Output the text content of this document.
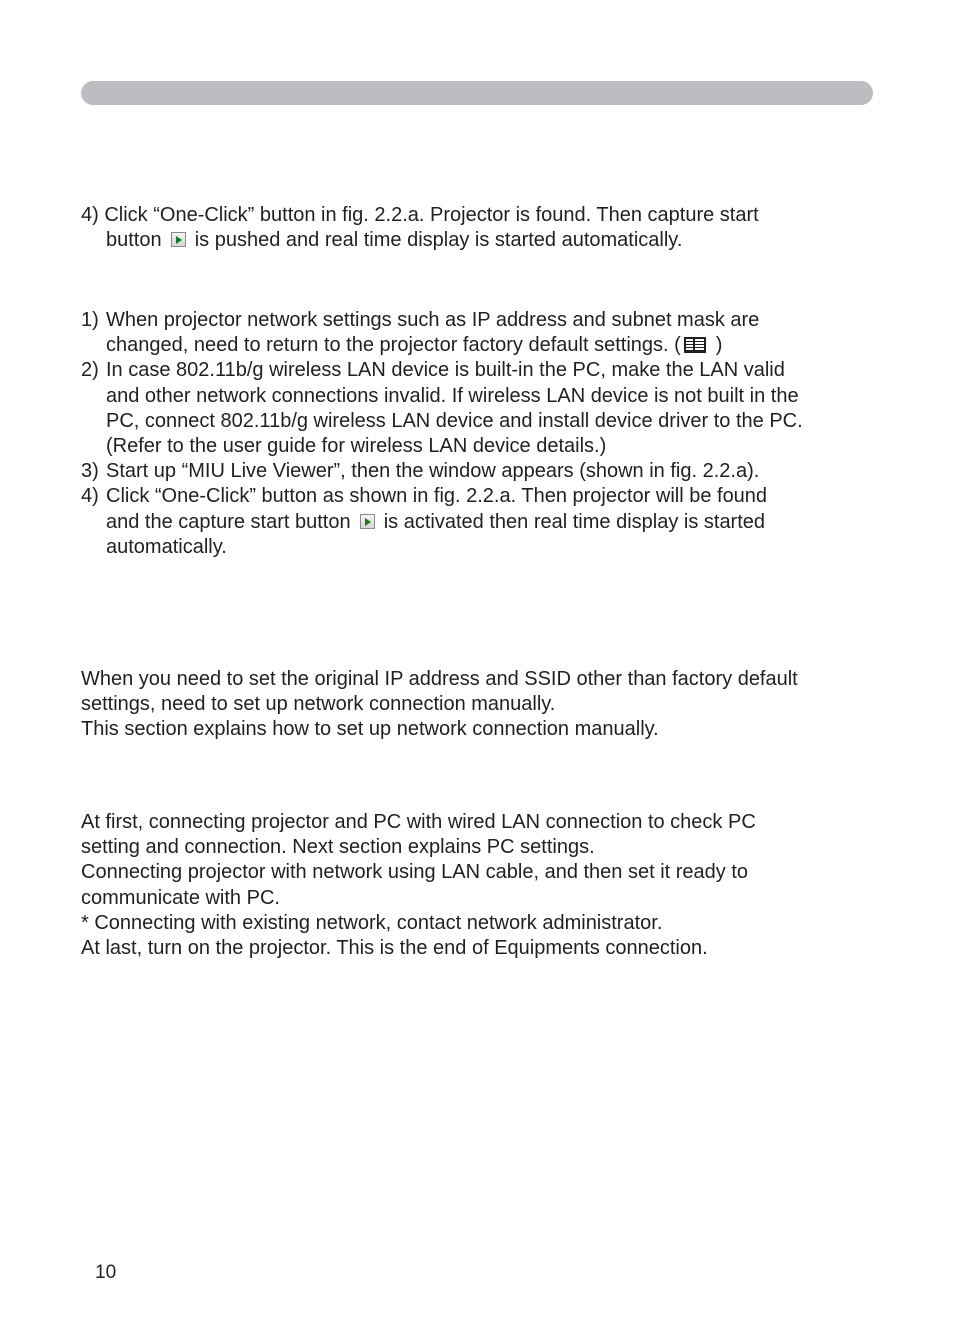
4) Click “One-Click” button in fig. 2.2.a. Projector is found. Then capture start
button is pushed and real time display is started automatically.
1) When projector network settings such as IP address and subnet mask are
changed, need to return to the projector factory default settings. ( )
2) In case 802.11b/g wireless LAN device is built-in the PC, make the LAN valid
and other network connections invalid. If wireless LAN device is not built in the
PC, connect 802.11b/g wireless LAN device and install device driver to the PC.
(Refer to the user guide for wireless LAN device details.)
3) Start up “MIU Live Viewer”, then the window appears (shown in fig. 2.2.a).
4) Click “One-Click” button as shown in fig. 2.2.a. Then projector will be found
and the capture start button is activated then real time display is started
automatically.
When you need to set the original IP address and SSID other than factory default
settings, need to set up network connection manually.
This section explains how to set up network connection manually.
At first, connecting projector and PC with wired LAN connection to check PC
setting and connection. Next section explains PC settings.
Connecting projector with network using LAN cable, and then set it ready to
communicate with PC.
* Connecting with existing network, contact network administrator.
At last, turn on the projector. This is the end of Equipments connection.
10
